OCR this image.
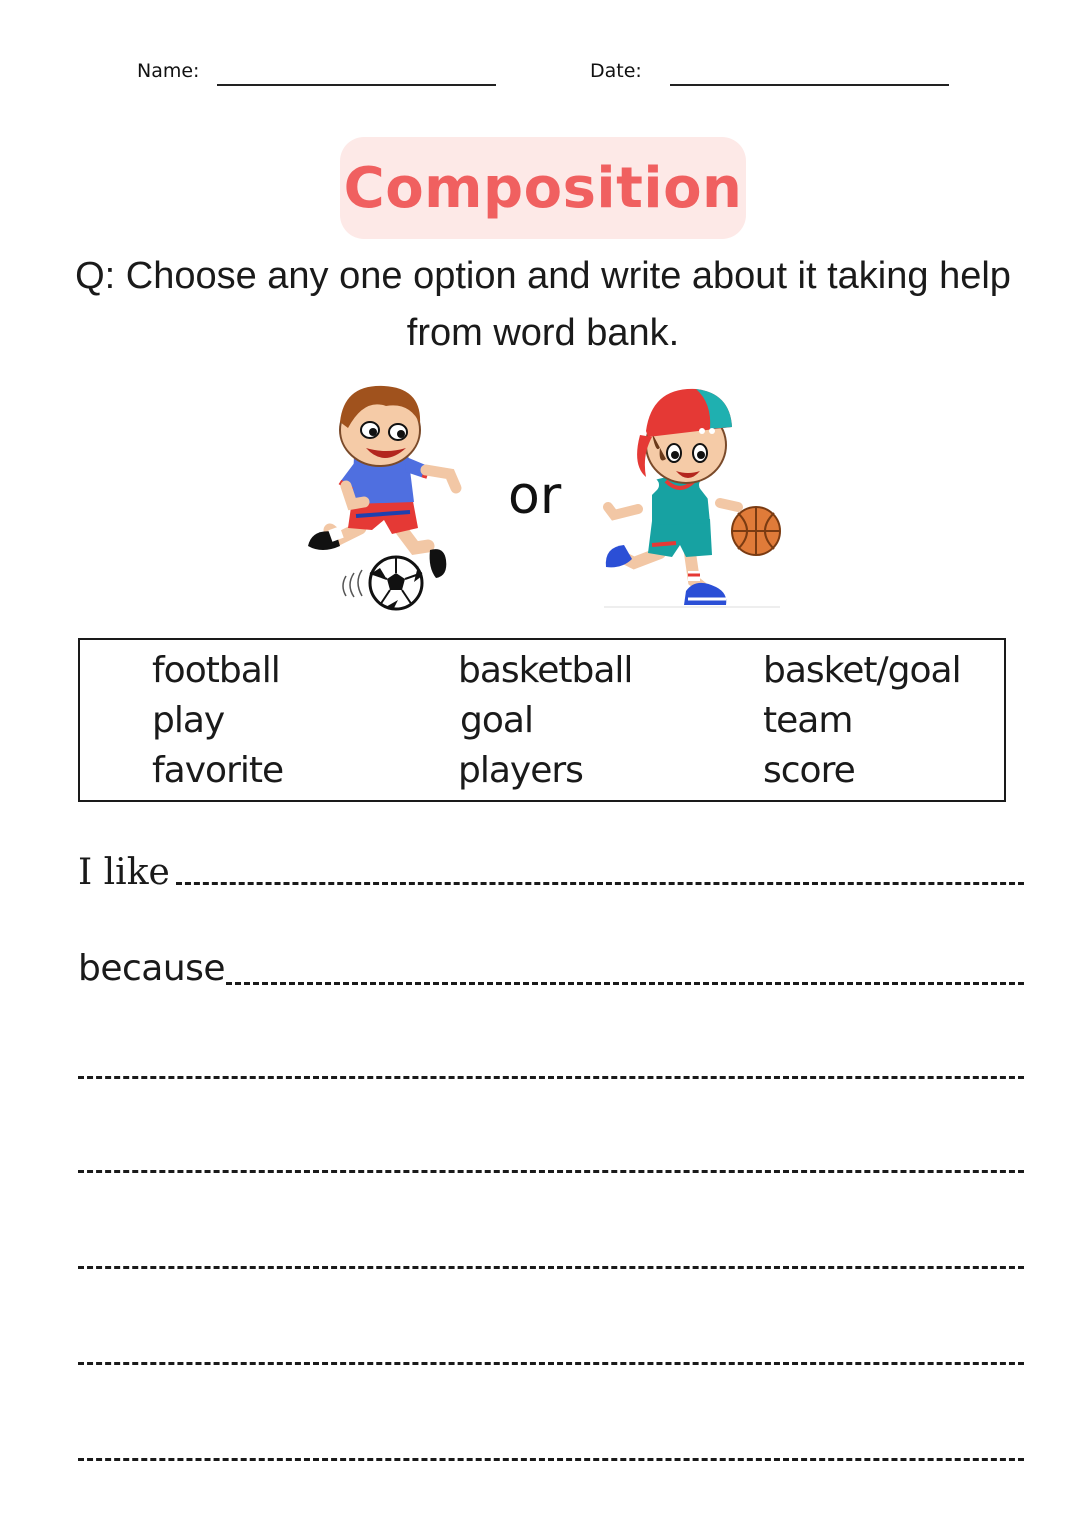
Name:	Date:
Composition
Q: Choose any one option and write about it taking help
from word bank.
or
football
play
favorite
basketball
goal
players
basket/goal
team
score
I like
because
